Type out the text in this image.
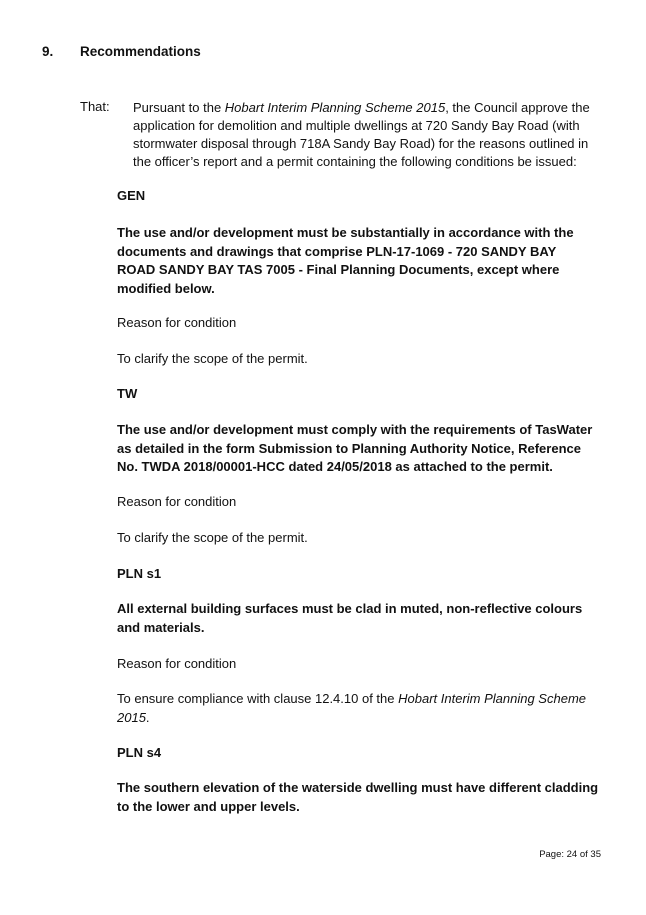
9. Recommendations
That: Pursuant to the Hobart Interim Planning Scheme 2015, the Council approve the application for demolition and multiple dwellings at 720 Sandy Bay Road (with stormwater disposal through 718A Sandy Bay Road) for the reasons outlined in the officer’s report and a permit containing the following conditions be issued:
GEN
The use and/or development must be substantially in accordance with the documents and drawings that comprise PLN-17-1069 - 720 SANDY BAY ROAD SANDY BAY TAS 7005 - Final Planning Documents, except where modified below.
Reason for condition
To clarify the scope of the permit.
TW
The use and/or development must comply with the requirements of TasWater as detailed in the form Submission to Planning Authority Notice, Reference No. TWDA 2018/00001-HCC dated 24/05/2018 as attached to the permit.
Reason for condition
To clarify the scope of the permit.
PLN s1
All external building surfaces must be clad in muted, non-reflective colours and materials.
Reason for condition
To ensure compliance with clause 12.4.10 of the Hobart Interim Planning Scheme 2015.
PLN s4
The southern elevation of the waterside dwelling must have different cladding to the lower and upper levels.
Page: 24 of 35
